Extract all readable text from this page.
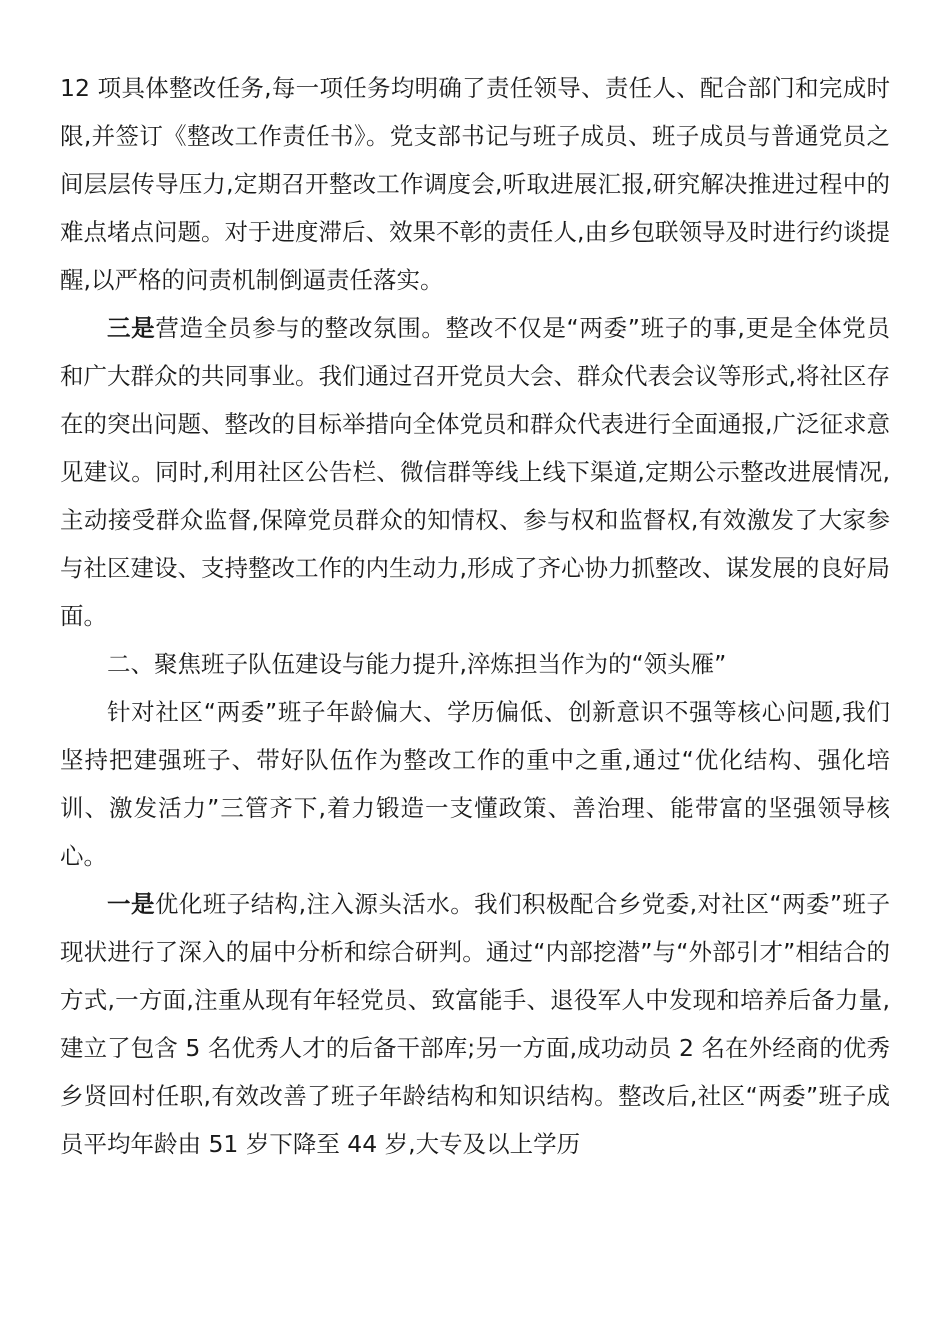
12 项具体整改任务,每一项任务均明确了责任领导、责任人、配合部门和完成时限,并签订《整改工作责任书》。党支部书记与班子成员、班子成员与普通党员之间层层传导压力,定期召开整改工作调度会,听取进展汇报,研究解决推进过程中的难点堵点问题。对于进度滞后、效果不彰的责任人,由乡包联领导及时进行约谈提醒,以严格的问责机制倒逼责任落实。

三是营造全员参与的整改氛围。整改不仅是“两委”班子的事,更是全体党员和广大群众的共同事业。我们通过召开党员大会、群众代表会议等形式,将社区存在的突出问题、整改的目标举措向全体党员和群众代表进行全面通报,广泛征求意见建议。同时,利用社区公告栏、微信群等线上线下渠道,定期公示整改进展情况,主动接受群众监督,保障党员群众的知情权、参与权和监督权,有效激发了大家参与社区建设、支持整改工作的内生动力,形成了齐心协力抓整改、谋发展的良好局面。

二、聚焦班子队伍建设与能力提升,淬炼担当作为的“领头雁”

针对社区“两委”班子年龄偏大、学历偏低、创新意识不强等核心问题,我们坚持把建强班子、带好队伍作为整改工作的重中之重,通过“优化结构、强化培训、激发活力”三管齐下,着力锻造一支懂政策、善治理、能带富的坚强领导核心。

一是优化班子结构,注入源头活水。我们积极配合乡党委,对社区“两委”班子现状进行了深入的届中分析和综合研判。通过“内部挖潜”与“外部引才”相结合的方式,一方面,注重从现有年轻党员、致富能手、退役军人中发现和培养后备力量,建立了包含 5 名优秀人才的后备干部库;另一方面,成功动员 2 名在外经商的优秀乡贤回村任职,有效改善了班子年龄结构和知识结构。整改后,社区“两委”班子成员平均年龄由 51 岁下降至 44 岁,大专及以上学历
